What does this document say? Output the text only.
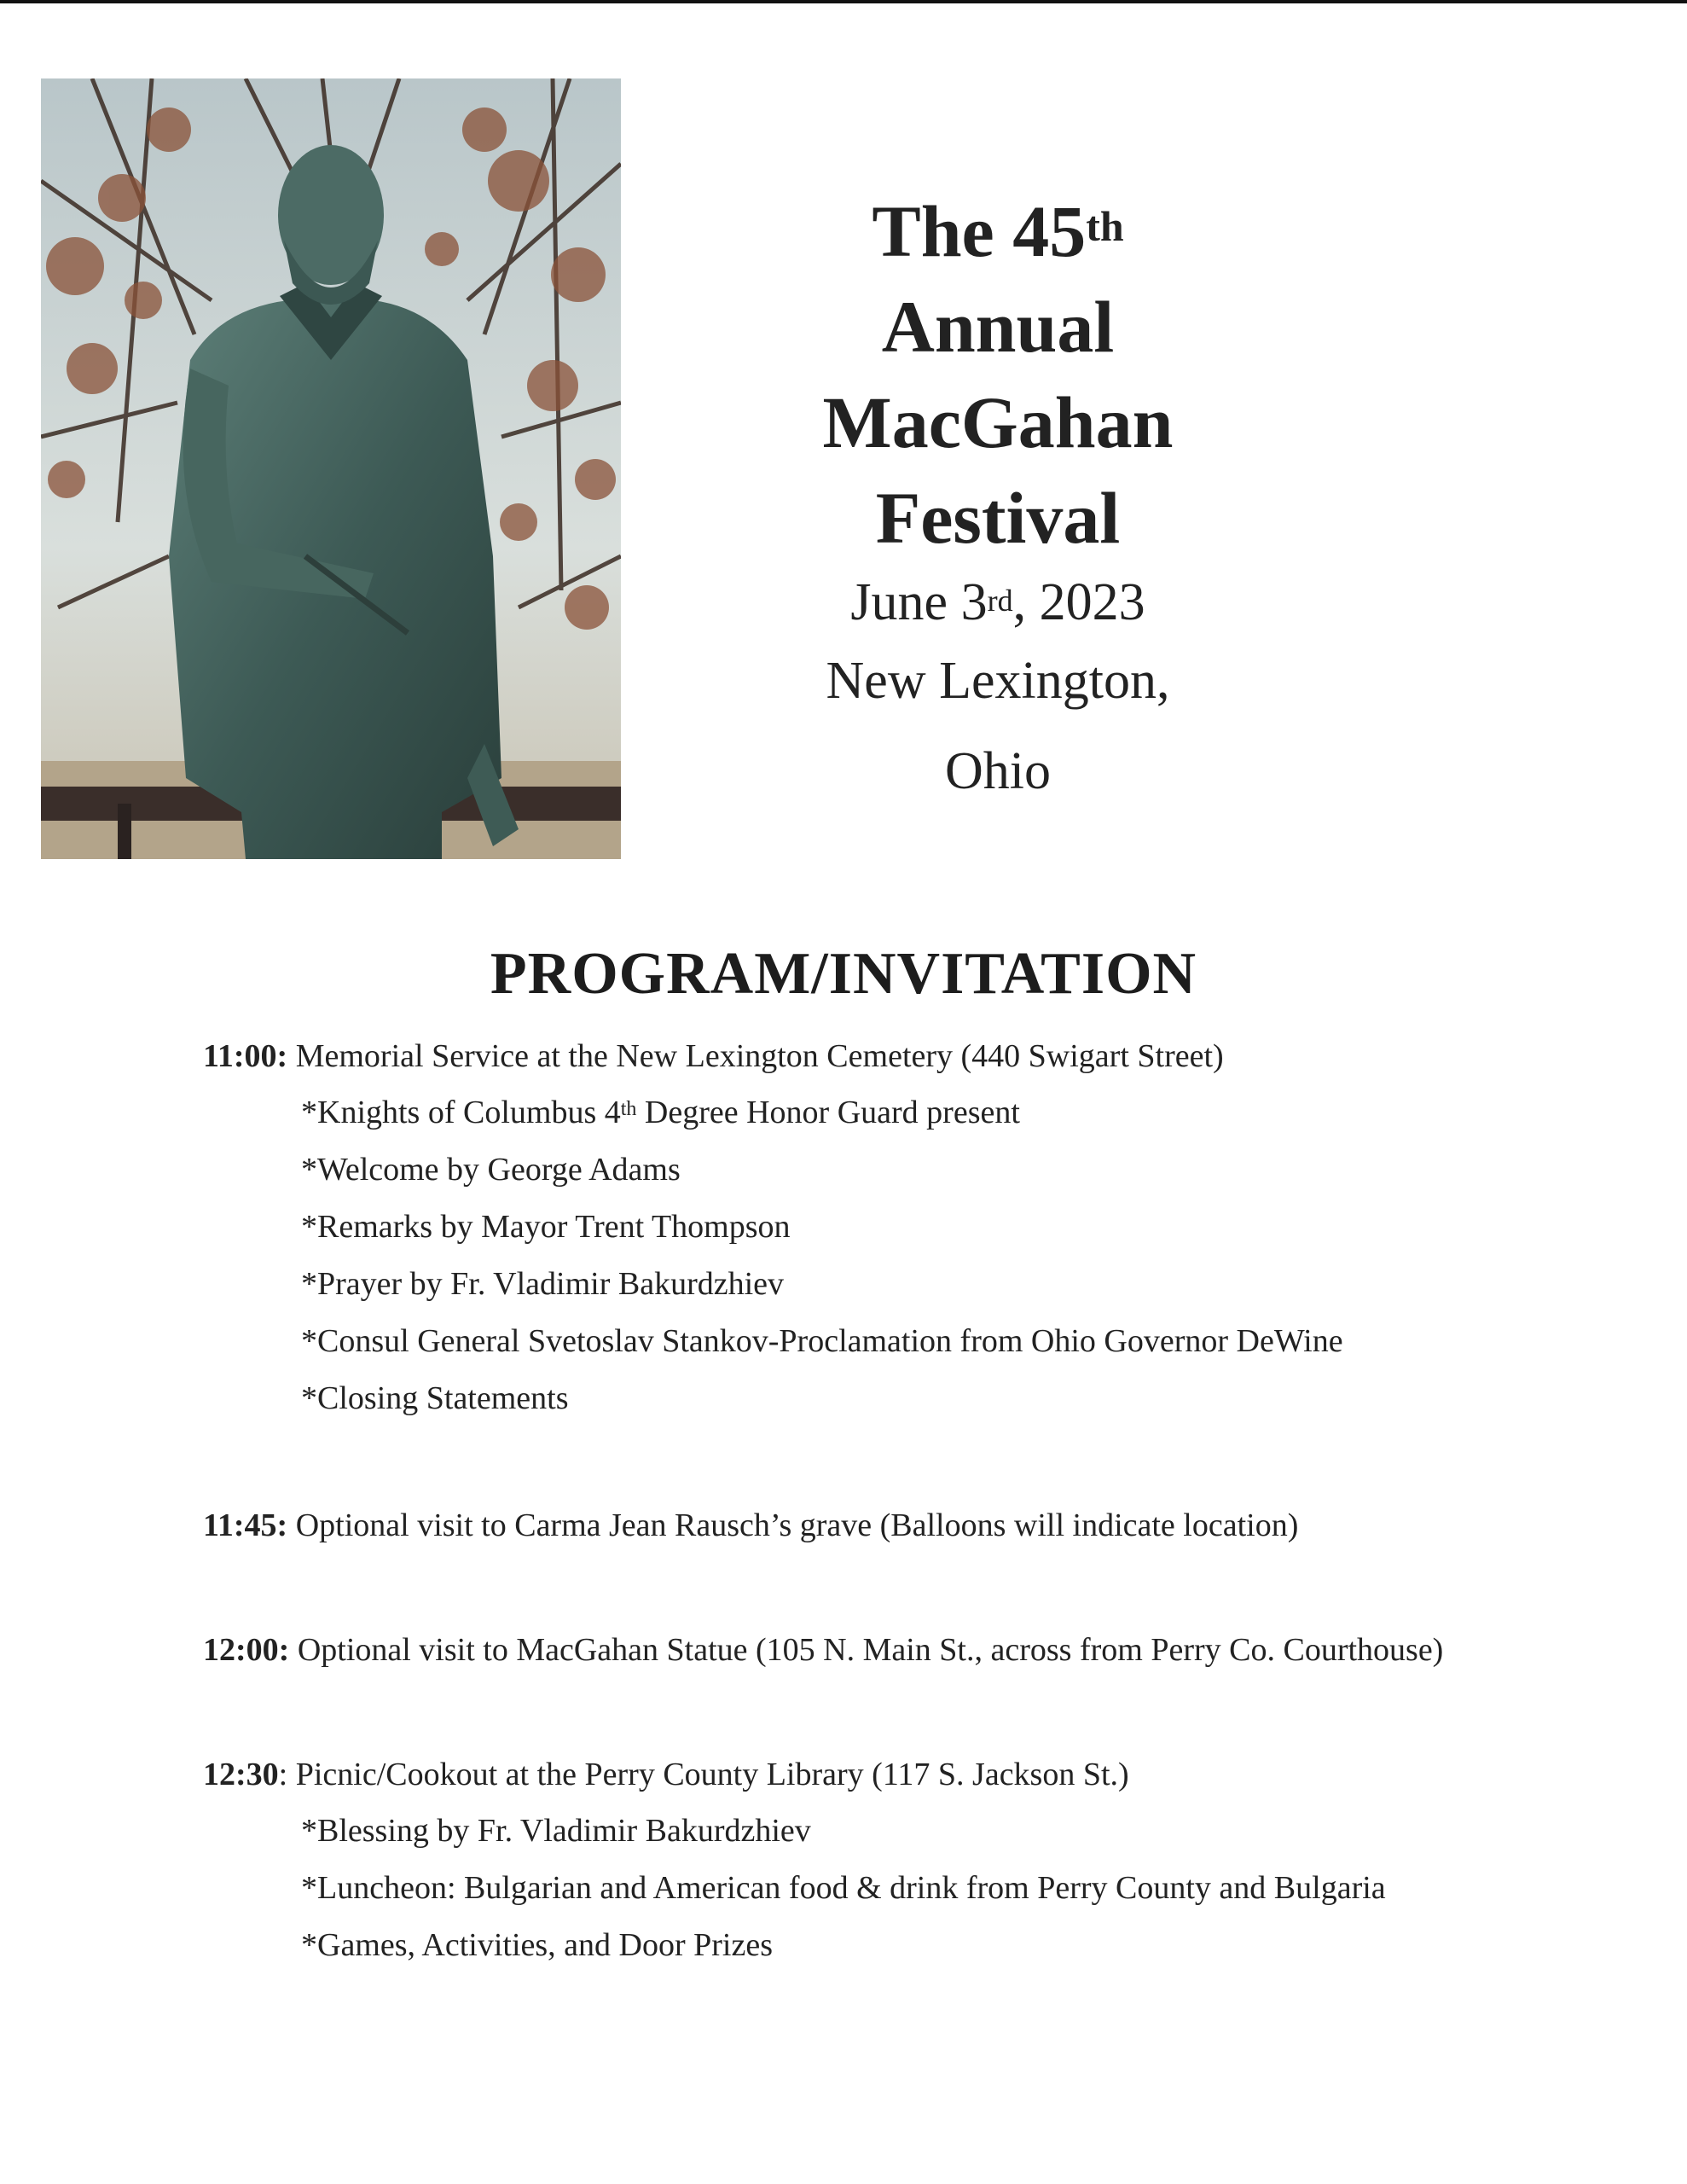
The 45th
Annual
MacGahan
Festival
June 3rd, 2023
New Lexington,
Ohio
PROGRAM/INVITATION

11:00: Memorial Service at the New Lexington Cemetery (440 Swigart Street)

*Knights of Columbus 4th Degree Honor Guard present
*Welcome by George Adams
*Remarks by Mayor Trent Thompson
*Prayer by Fr. Vladimir Bakurdzhiev
*Consul General Svetoslav Stankov-Proclamation from Ohio Governor DeWine
*Closing Statements

11:45: Optional visit to Carma Jean Rausch’s grave (Balloons will indicate location)

12:00: Optional visit to MacGahan Statue (105 N. Main St., across from Perry Co. Courthouse)

12:30: Picnic/Cookout at the Perry County Library (117 S. Jackson St.)

*Blessing by Fr. Vladimir Bakurdzhiev
*Luncheon: Bulgarian and American food & drink from Perry County and Bulgaria
*Games, Activities, and Door Prizes
